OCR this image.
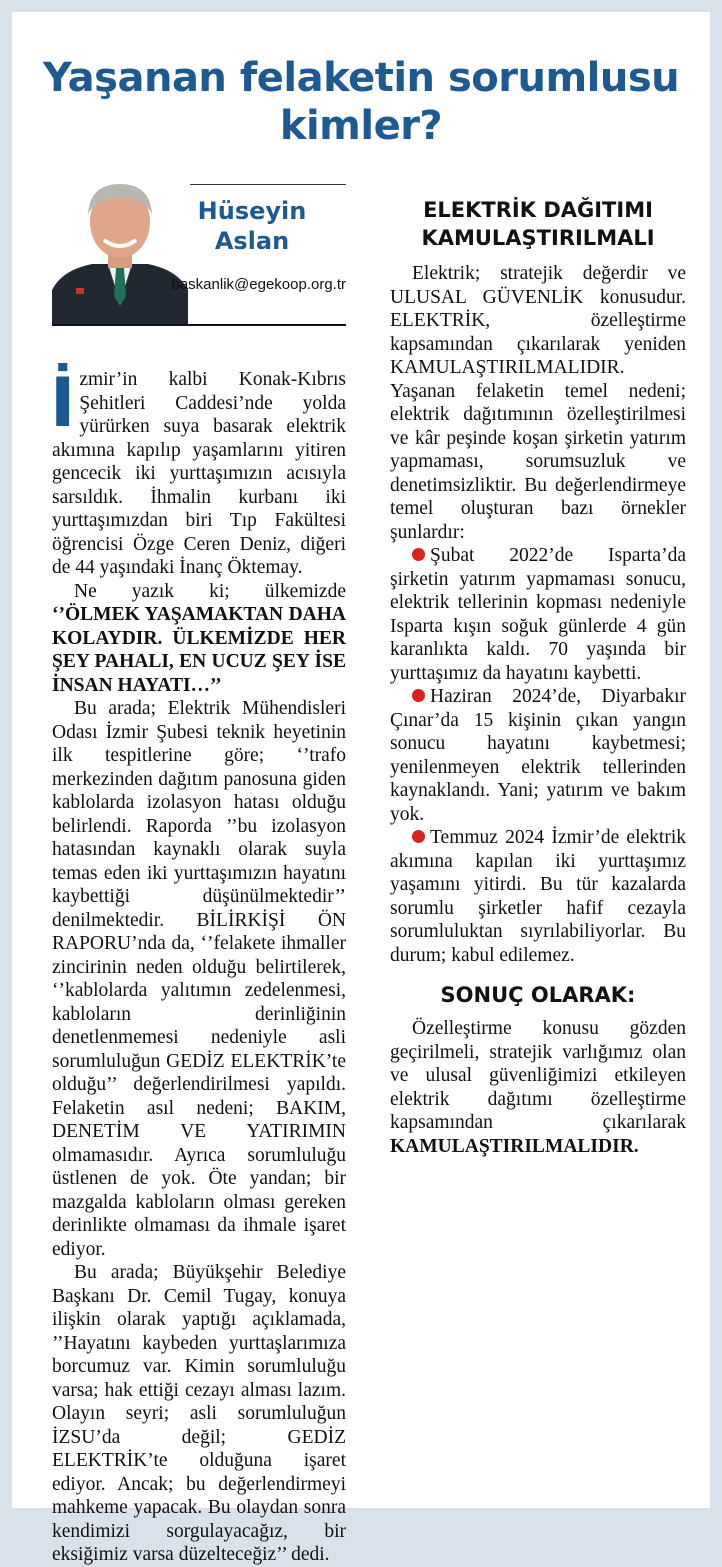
Yaşanan felaketin sorumlusu kimler?
Hüseyin Aslan
baskanlik@egekoop.org.tr

İzmir’in kalbi Konak-Kıbrıs Şehitleri Caddesi’nde yolda yürürken suya basarak elektrik akımına kapılıp yaşamlarını yitiren gencecik iki yurttaşımızın acısıyla sarsıldık. İhmalin kurbanı iki yurttaşımızdan biri Tıp Fakültesi öğrencisi Özge Ceren Deniz, diğeri de 44 yaşındaki İnanç Öktemay.

Ne yazık ki; ülkemizde ‘’ÖLMEK YAŞAMAKTAN DAHA KOLAYDIR. ÜLKEMİZDE HER ŞEY PAHALI, EN UCUZ ŞEY İSE İNSAN HAYATI…’’

Bu arada; Elektrik Mühendisleri Odası İzmir Şubesi teknik heyetinin ilk tespitlerine göre; ‘’trafo merkezinden dağıtım panosuna giden kablolarda izolasyon hatası olduğu belirlendi. Raporda ’’bu izolasyon hatasından kaynaklı olarak suyla temas eden iki yurttaşımızın hayatını kaybettiği düşünülmektedir’’ denilmektedir. BİLİRKİŞİ ÖN RAPORU’nda da, ‘’felakete ihmaller zincirinin neden olduğu belirtilerek, ‘’kablolarda yalıtımın zedelenmesi, kabloların derinliğinin denetlenmemesi nedeniyle asli sorumluluğun GEDİZ ELEKTRİK’te olduğu’’ değerlendirilmesi yapıldı. Felaketin asıl nedeni; BAKIM, DENETİM VE YATIRIMIN olmamasıdır. Ayrıca sorumluluğu üstlenen de yok. Öte yandan; bir mazgalda kabloların olması gereken derinlikte olmaması da ihmale işaret ediyor.

Bu arada; Büyükşehir Belediye Başkanı Dr. Cemil Tugay, konuya ilişkin olarak yaptığı açıklamada, ’’Hayatını kaybeden yurttaşlarımıza borcumuz var. Kimin sorumluluğu varsa; hak ettiği cezayı alması lazım. Olayın seyri; asli sorumluluğun İZSU’da değil; GEDİZ ELEKTRİK’te olduğuna işaret ediyor. Ancak; bu değerlendirmeyi mahkeme yapacak. Bu olaydan sonra kendimizi sorgulayacağız, bir eksiğimiz varsa düzelteceğiz’’ dedi.

ELEKTRİK DAĞITIMI KAMULAŞTIRILMALI

Elektrik; stratejik değerdir ve ULUSAL GÜVENLİK konusudur. ELEKTRİK, özelleştirme kapsamından çıkarılarak yeniden KAMULAŞTIRILMALIDIR. Yaşanan felaketin temel nedeni; elektrik dağıtımının özelleştirilmesi ve kâr peşinde koşan şirketin yatırım yapmaması, sorumsuzluk ve denetimsizliktir. Bu değerlendirmeye temel oluşturan bazı örnekler şunlardır:

Şubat 2022’de Isparta’da şirketin yatırım yapmaması sonucu, elektrik tellerinin kopması nedeniyle Isparta kışın soğuk günlerde 4 gün karanlıkta kaldı. 70 yaşında bir yurttaşımız da hayatını kaybetti.

Haziran 2024’de, Diyarbakır Çınar’da 15 kişinin çıkan yangın sonucu hayatını kaybetmesi; yenilenmeyen elektrik tellerinden kaynaklandı. Yani; yatırım ve bakım yok.

Temmuz 2024 İzmir’de elektrik akımına kapılan iki yurttaşımız yaşamını yitirdi. Bu tür kazalarda sorumlu şirketler hafif cezayla sorumluluktan sıyrılabiliyorlar. Bu durum; kabul edilemez.

SONUÇ OLARAK:

Özelleştirme konusu gözden geçirilmeli, stratejik varlığımız olan ve ulusal güvenliğimizi etkileyen elektrik dağıtımı özelleştirme kapsamından çıkarılarak KAMULAŞTIRILMALIDIR.
